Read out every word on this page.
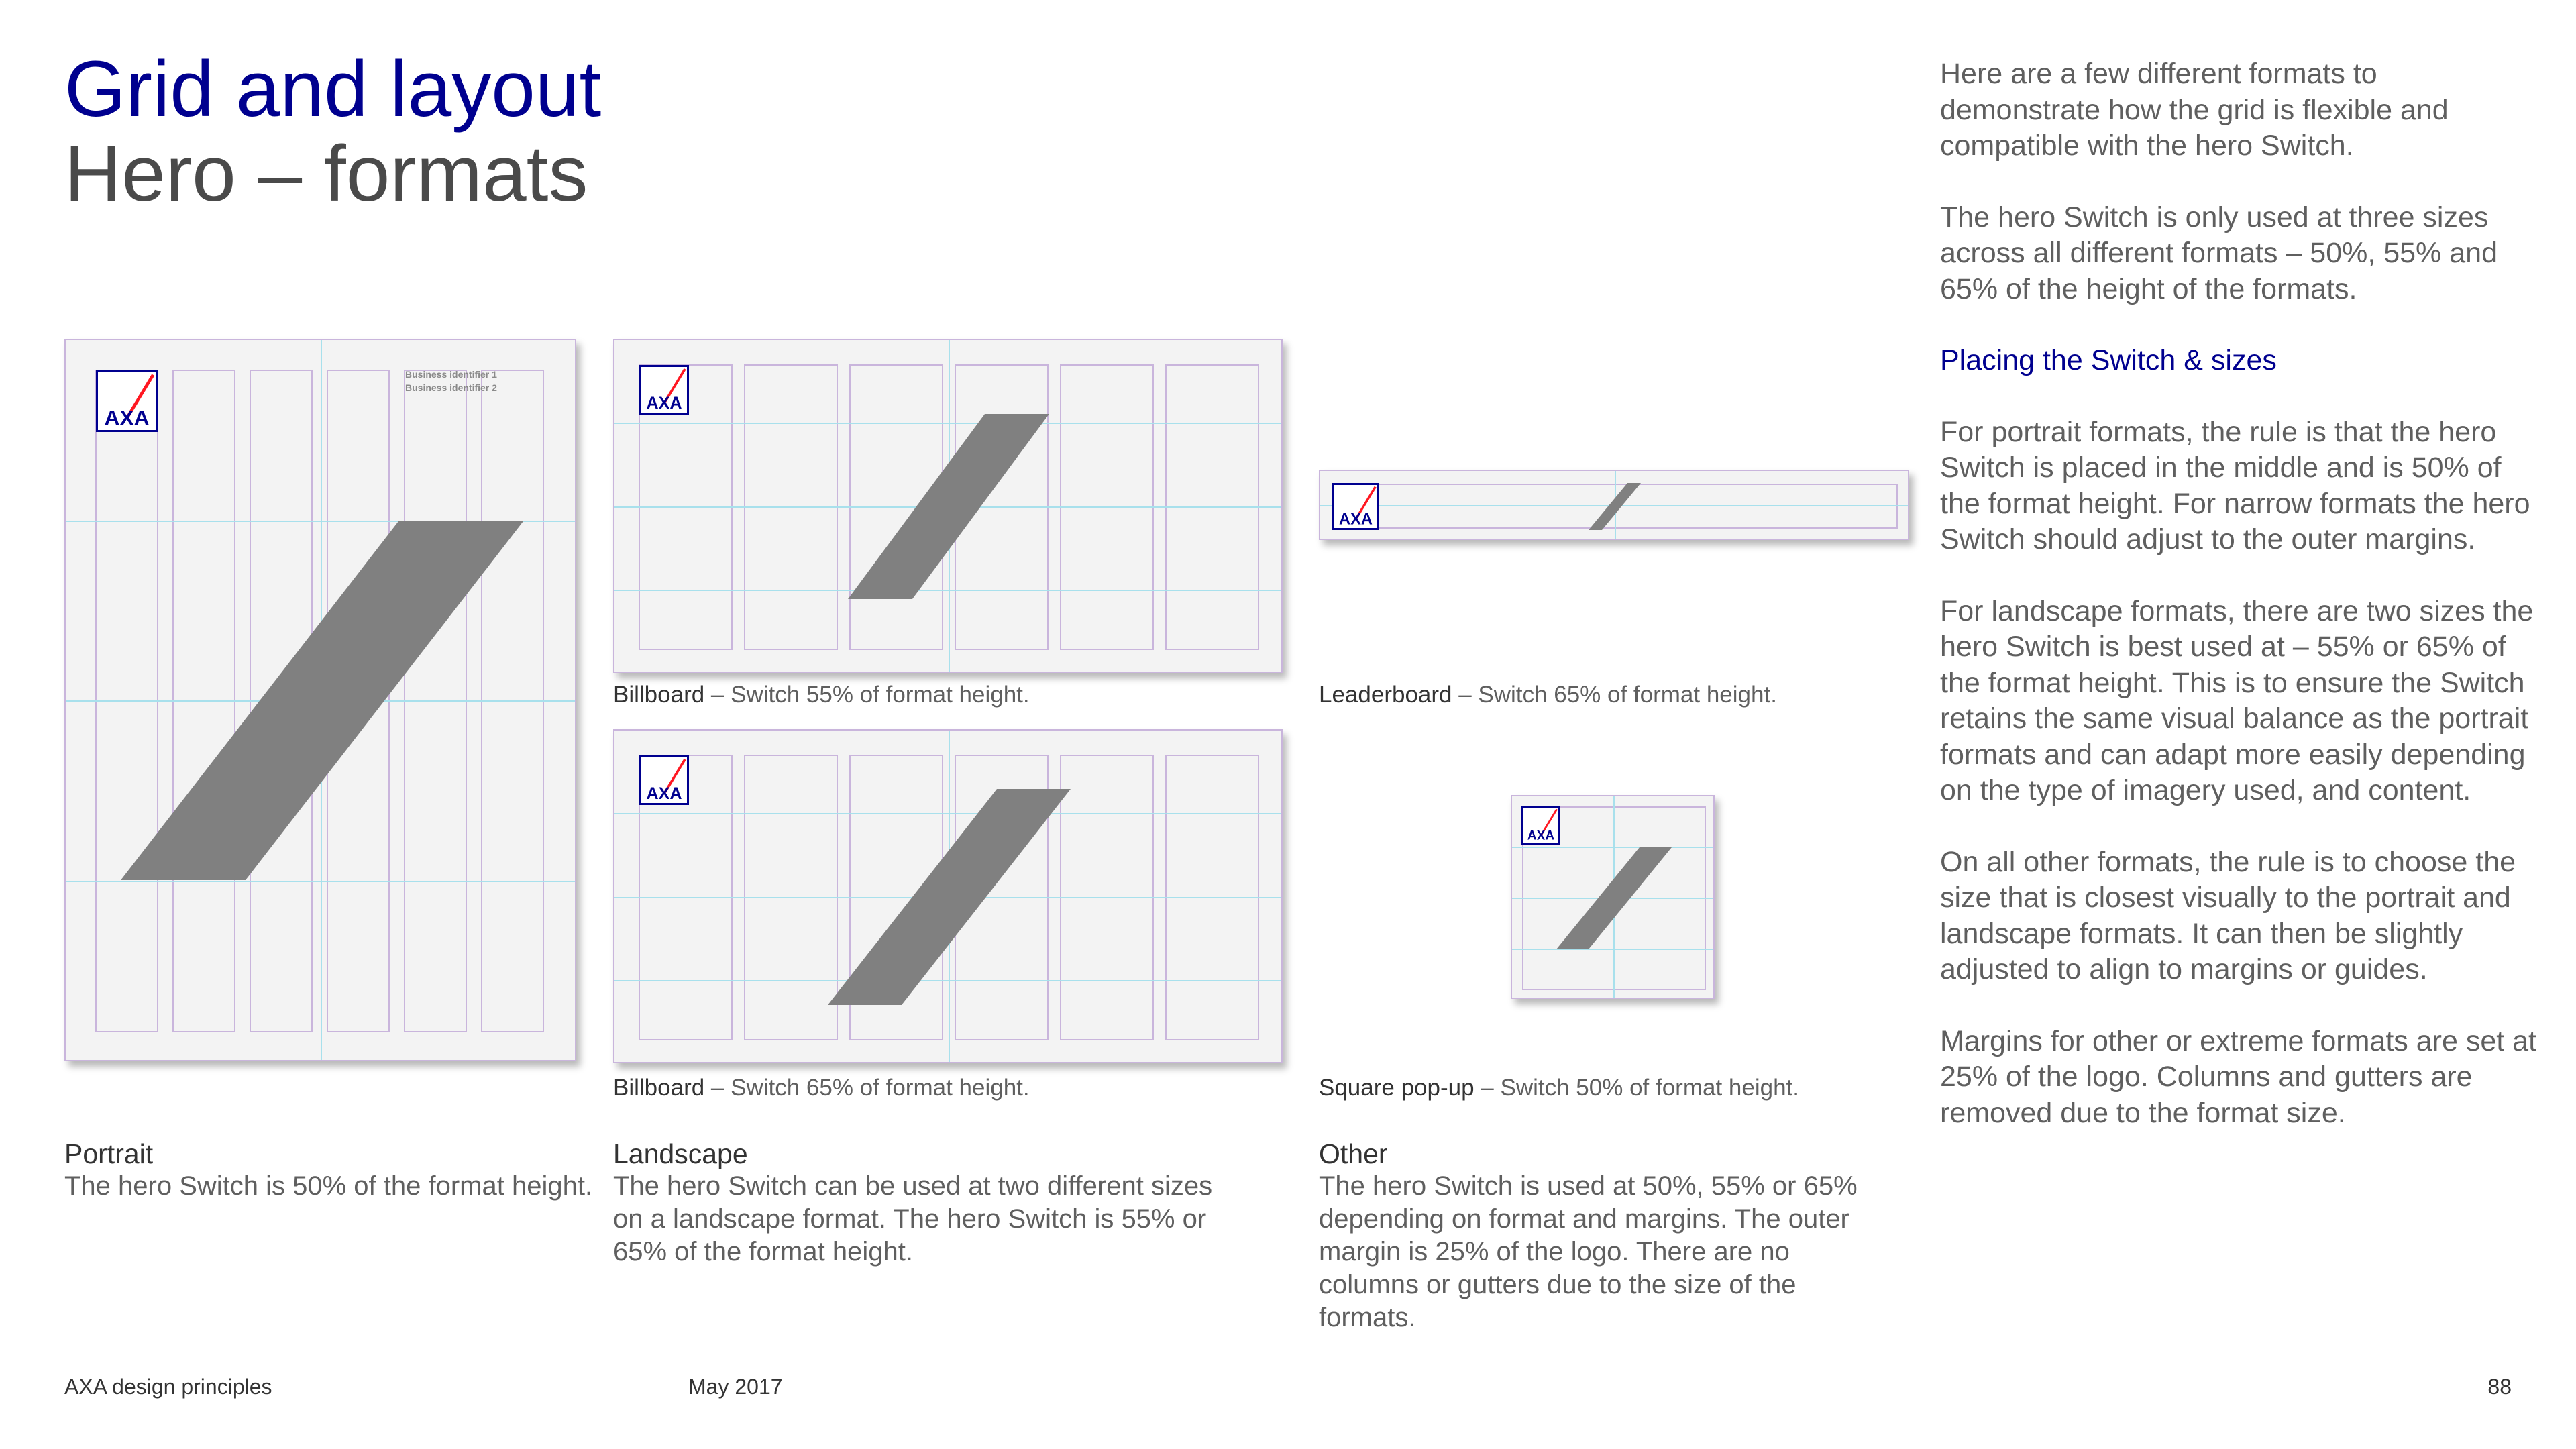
Grid and layout
Hero – formats

Here are a few different formats to demonstrate how the grid is flexible and compatible with the hero Switch.

The hero Switch is only used at three sizes across all different formats – 50%, 55% and 65% of the height of the formats.

Placing the Switch & sizes

For portrait formats, the rule is that the hero Switch is placed in the middle and is 50% of the format height. For narrow formats the hero Switch should adjust to the outer margins.

For landscape formats, there are two sizes the hero Switch is best used at – 55% or 65% of the format height. This is to ensure the Switch retains the same visual balance as the portrait formats and can adapt more easily depending on the type of imagery used, and content.

On all other formats, the rule is to choose the size that is closest visually to the portrait and landscape formats. It can then be slightly adjusted to align to margins or guides.

Margins for other or extreme formats are set at 25% of the logo. Columns and gutters are removed due to the format size.

AXA
Business identifier 1
Business identifier 2
AXA
Billboard – Switch 55% of format height.
AXA
Billboard – Switch 65% of format height.
AXA
Leaderboard – Switch 65% of format height.
AXA
Square pop-up – Switch 50% of format height.
Portrait
The hero Switch is 50% of the format height.
Landscape
The hero Switch can be used at two different sizes on a landscape format. The hero Switch is 55% or 65% of the format height.
Other
The hero Switch is used at 50%, 55% or 65% depending on format and margins. The outer margin is 25% of the logo. There are no columns or gutters due to the size of the formats.
AXA design principles	May 2017	88
